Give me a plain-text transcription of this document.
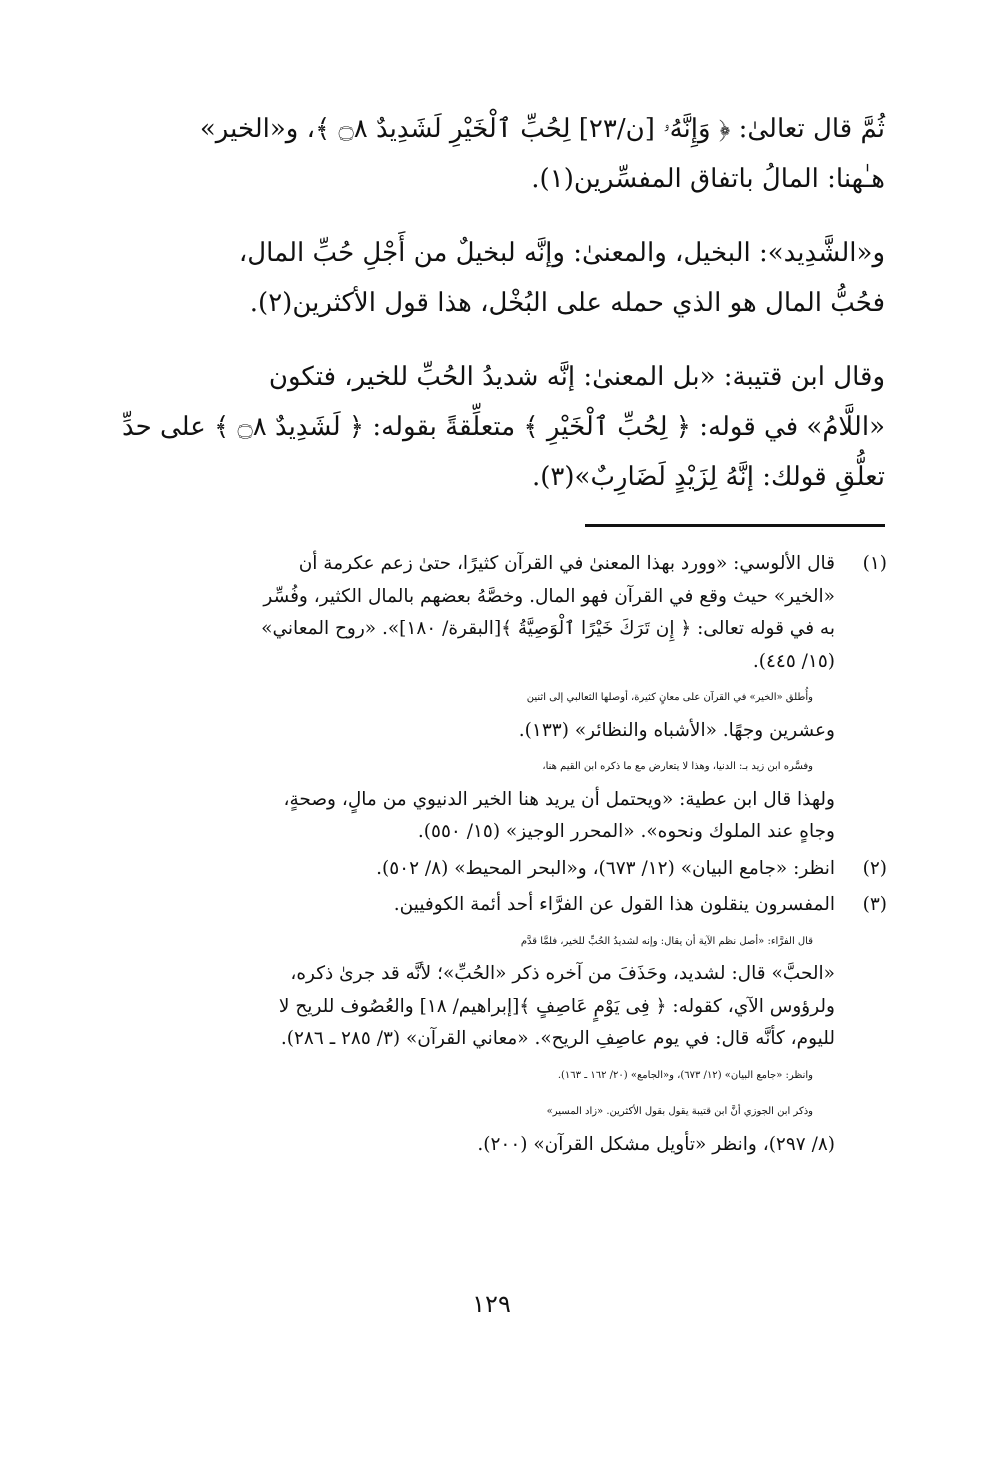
ثُمَّ قال تعالىٰ: ﴿ وَإِنَّهُۥ [ن/٢٣] لِحُبِّ ٱلْخَيْرِ لَشَدِيدٌ ۝٨ ﴾، و«الخير»
هـٰهنا: المالُ باتفاق المفسِّرين(١).

و«الشَّدِيد»: البخيل، والمعنىٰ: وإنَّه لبخيلٌ من أَجْلِ حُبِّ المال،
فحُبُّ المال هو الذي حمله على البُخْل، هذا قول الأكثرين(٢).

وقال ابن قتيبة: «بل المعنىٰ: إنَّه شديدُ الحُبِّ للخير، فتكون
«اللَّامُ» في قوله: ﴿ لِحُبِّ ٱلْخَيْرِ ﴾ متعلِّقةً بقوله: ﴿ لَشَدِيدٌ ۝٨ ﴾ على حدِّ
تعلُّقِ قولك: إنَّهُ لِزَيْدٍ لَضَارِبٌ»(٣).

(١)
قال الألوسي: «وورد بهذا المعنىٰ في القرآن كثيرًا، حتىٰ زعم عكرمة أن
«الخير» حيث وقع في القرآن فهو المال. وخصَّهُ بعضهم بالمال الكثير، وفُسِّر
به في قوله تعالى: ﴿ إِن تَرَكَ خَيْرًا ٱلْوَصِيَّةُ ﴾[البقرة/ ١٨٠]». «روح المعاني»
(١٥/ ٤٤٥).
وأُطلق «الخير» في القرآن على معانٍ كثيرة، أوصلها الثعالبي إلى اثنين
وعشرين وجهًا. «الأشباه والنظائر» (١٣٣).
وفسَّره ابن زيد بـ: الدنيا، وهذا لا يتعارض مع ما ذكره ابن القيم هنا،
ولهذا قال ابن عطية: «ويحتمل أن يريد هنا الخير الدنيوي من مالٍ، وصحةٍ،
وجاهٍ عند الملوك ونحوه». «المحرر الوجيز» (١٥/ ٥٥٠).
(٢)
انظر: «جامع البيان» (١٢/ ٦٧٣)، و«البحر المحيط» (٨/ ٥٠٢).
(٣)
المفسرون ينقلون هذا القول عن الفرَّاء أحد أئمة الكوفيين.
قال الفرَّاء: «أصل نظم الآية أن يقال: وإنه لشديدُ الحُبِّ للخير، فلمَّا قدَّم
«الحبَّ» قال: لشديد، وحَذَفَ من آخره ذكر «الحُبِّ»؛ لأنَّه قد جرىٰ ذكره،
ولرؤوس الآي، كقوله: ﴿ فِى يَوْمٍ عَاصِفٍ ﴾[إبراهيم/ ١٨] والعُصُوف للريح لا
لليوم، كأنَّه قال: في يوم عاصِفِ الريح». «معاني القرآن» (٣/ ٢٨٥ ـ ٢٨٦).
وانظر: «جامع البيان» (١٢/ ٦٧٣)، و«الجامع» (٢٠/ ١٦٢ ـ ١٦٣).
وذكر ابن الجوزي أنَّ ابن قتيبة يقول بقول الأكثرين. «زاد المسير»
(٨/ ٢٩٧)، وانظر «تأويل مشكل القرآن» (٢٠٠).
١٢٩
